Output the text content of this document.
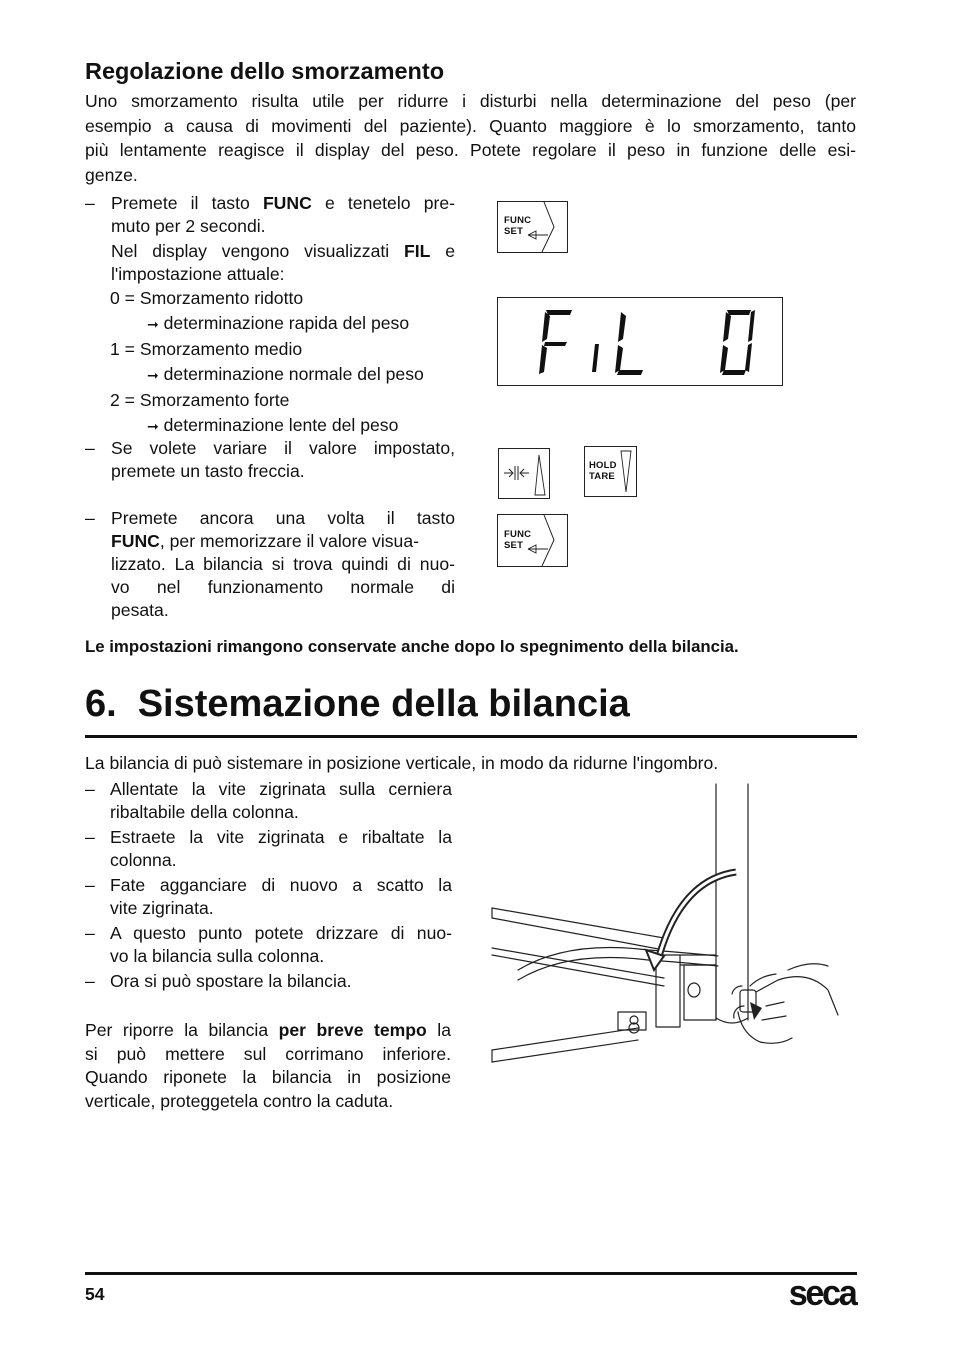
Regolazione dello smorzamento
Uno smorzamento risulta utile per ridurre i disturbi nella determinazione del peso (per
esempio a causa di movimenti del paziente). Quanto maggiore è lo smorzamento, tanto
più lentamente reagisce il display del peso. Potete regolare il peso in funzione delle esi-
genze.
– Premete il tasto FUNC e tenetelo pre-
muto per 2 secondi.
Nel display vengono visualizzati FIL e
l'impostazione attuale:
0 = Smorzamento ridotto
➞ determinazione rapida del peso
1 = Smorzamento medio
➞ determinazione normale del peso
2 = Smorzamento forte
➞ determinazione lente del peso
– Se volete variare il valore impostato,
premete un tasto freccia.
– Premete ancora una volta il tasto
FUNC, per memorizzare il valore visua-
lizzato. La bilancia si trova quindi di nuo-
vo nel funzionamento normale di
pesata.
FUNC
SET
FUNC
SET
HOLD
TARE
Le impostazioni rimangono conservate anche dopo lo spegnimento della bilancia.
6. Sistemazione della bilancia
La bilancia di può sistemare in posizione verticale, in modo da ridurne l'ingombro.
– Allentate la vite zigrinata sulla cerniera
ribaltabile della colonna.
– Estraete la vite zigrinata e ribaltate la
colonna.
– Fate agganciare di nuovo a scatto la
vite zigrinata.
– A questo punto potete drizzare di nuo-
vo la bilancia sulla colonna.
– Ora si può spostare la bilancia.
Per riporre la bilancia per breve tempo la
si può mettere sul corrimano inferiore.
Quando riponete la bilancia in posizione
verticale, proteggetela contro la caduta.
54	seca
